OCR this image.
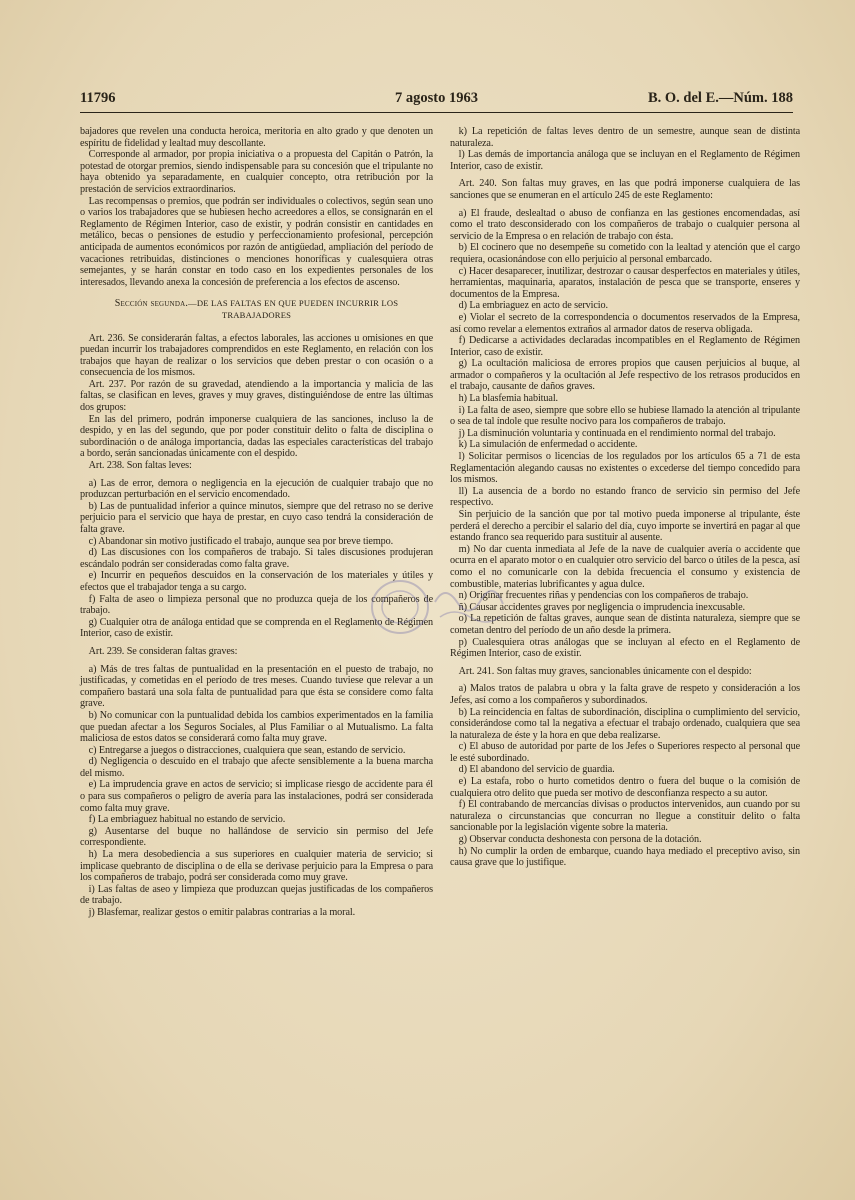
11796	7 agosto 1963	B. O. del E.—Núm. 188

bajadores que revelen una conducta heroica, meritoria en alto grado y que denoten un espíritu de fidelidad y lealtad muy descollante.

Corresponde al armador, por propia iniciativa o a propuesta del Capitán o Patrón, la potestad de otorgar premios, siendo indispensable para su concesión que el tripulante no haya obtenido ya separadamente, en cualquier concepto, otra retribución por la prestación de servicios extraordinarios.

Las recompensas o premios, que podrán ser individuales o colectivos, según sean uno o varios los trabajadores que se hubiesen hecho acreedores a ellos, se consignarán en el Reglamento de Régimen Interior, caso de existir, y podrán consistir en cantidades en metálico, becas o pensiones de estudio y perfeccionamiento profesional, percepción anticipada de aumentos económicos por razón de antigüedad, ampliación del período de vacaciones retribuidas, distinciones o menciones honoríficas y cualesquiera otras semejantes, y se harán constar en todo caso en los expedientes personales de los interesados, llevando anexa la concesión de preferencia a los efectos de ascenso.

Sección segunda.—DE LAS FALTAS EN QUE PUEDEN INCURRIR LOS TRABAJADORES

Art. 236. Se considerarán faltas, a efectos laborales, las acciones u omisiones en que puedan incurrir los trabajadores comprendidos en este Reglamento, en relación con los trabajos que hayan de realizar o los servicios que deben prestar o con ocasión o a consecuencia de los mismos.

Art. 237. Por razón de su gravedad, atendiendo a la importancia y malicia de las faltas, se clasifican en leves, graves y muy graves, distinguiéndose de entre las últimas dos grupos:

En las del primero, podrán imponerse cualquiera de las sanciones, incluso la de despido, y en las del segundo, que por poder constituir delito o falta de disciplina o subordinación o de análoga importancia, dadas las especiales características del trabajo a bordo, serán sancionadas únicamente con el despido.

Art. 238. Son faltas leves:

a) Las de error, demora o negligencia en la ejecución de cualquier trabajo que no produzcan perturbación en el servicio encomendado.

b) Las de puntualidad inferior a quince minutos, siempre que del retraso no se derive perjuicio para el servicio que haya de prestar, en cuyo caso tendrá la consideración de falta grave.

c) Abandonar sin motivo justificado el trabajo, aunque sea por breve tiempo.

d) Las discusiones con los compañeros de trabajo. Si tales discusiones produjeran escándalo podrán ser consideradas como falta grave.

e) Incurrir en pequeños descuidos en la conservación de los materiales y útiles y efectos que el trabajador tenga a su cargo.

f) Falta de aseo o limpieza personal que no produzca queja de los compañeros de trabajo.

g) Cualquier otra de análoga entidad que se comprenda en el Reglamento de Régimen Interior, caso de existir.

Art. 239. Se consideran faltas graves:

a) Más de tres faltas de puntualidad en la presentación en el puesto de trabajo, no justificadas, y cometidas en el período de tres meses. Cuando tuviese que relevar a un compañero bastará una sola falta de puntualidad para que ésta se considere como falta grave.

b) No comunicar con la puntualidad debida los cambios experimentados en la familia que puedan afectar a los Seguros Sociales, al Plus Familiar o al Mutualismo. La falta maliciosa de estos datos se considerará como falta muy grave.

c) Entregarse a juegos o distracciones, cualquiera que sean, estando de servicio.

d) Negligencia o descuido en el trabajo que afecte sensiblemente a la buena marcha del mismo.

e) La imprudencia grave en actos de servicio; si implicase riesgo de accidente para él o para sus compañeros o peligro de avería para las instalaciones, podrá ser considerada como falta muy grave.

f) La embriaguez habitual no estando de servicio.

g) Ausentarse del buque no hallándose de servicio sin permiso del Jefe correspondiente.

h) La mera desobediencia a sus superiores en cualquier materia de servicio; si implicase quebranto de disciplina o de ella se derivase perjuicio para la Empresa o para los compañeros de trabajo, podrá ser considerada como muy grave.

i) Las faltas de aseo y limpieza que produzcan quejas justificadas de los compañeros de trabajo.

j) Blasfemar, realizar gestos o emitir palabras contrarias a la moral.

k) La repetición de faltas leves dentro de un semestre, aunque sean de distinta naturaleza.

l) Las demás de importancia análoga que se incluyan en el Reglamento de Régimen Interior, caso de existir.

Art. 240. Son faltas muy graves, en las que podrá imponerse cualquiera de las sanciones que se enumeran en el artículo 245 de este Reglamento:

a) El fraude, deslealtad o abuso de confianza en las gestiones encomendadas, así como el trato desconsiderado con los compañeros de trabajo o cualquier persona al servicio de la Empresa o en relación de trabajo con ésta.

b) El cocinero que no desempeñe su cometido con la lealtad y atención que el cargo requiera, ocasionándose con ello perjuicio al personal embarcado.

c) Hacer desaparecer, inutilizar, destrozar o causar desperfectos en materiales y útiles, herramientas, maquinaria, aparatos, instalación de pesca que se transporte, enseres y documentos de la Empresa.

d) La embriaguez en acto de servicio.

e) Violar el secreto de la correspondencia o documentos reservados de la Empresa, así como revelar a elementos extraños al armador datos de reserva obligada.

f) Dedicarse a actividades declaradas incompatibles en el Reglamento de Régimen Interior, caso de existir.

g) La ocultación maliciosa de errores propios que causen perjuicios al buque, al armador o compañeros y la ocultación al Jefe respectivo de los retrasos producidos en el trabajo, causante de daños graves.

h) La blasfemia habitual.

i) La falta de aseo, siempre que sobre ello se hubiese llamado la atención al tripulante o sea de tal índole que resulte nocivo para los compañeros de trabajo.

j) La disminución voluntaria y continuada en el rendimiento normal del trabajo.

k) La simulación de enfermedad o accidente.

l) Solicitar permisos o licencias de los regulados por los artículos 65 a 71 de esta Reglamentación alegando causas no existentes o excederse del tiempo concedido para los mismos.

ll) La ausencia de a bordo no estando franco de servicio sin permiso del Jefe respectivo.

Sin perjuicio de la sanción que por tal motivo pueda imponerse al tripulante, éste perderá el derecho a percibir el salario del día, cuyo importe se invertirá en pagar al que estando franco sea requerido para sustituir al ausente.

m) No dar cuenta inmediata al Jefe de la nave de cualquier avería o accidente que ocurra en el aparato motor o en cualquier otro servicio del barco o útiles de la pesca, así como el no comunicarle con la debida frecuencia el consumo y existencia de combustible, materias lubrificantes y agua dulce.

n) Originar frecuentes riñas y pendencias con los compañeros de trabajo.

ñ) Causar accidentes graves por negligencia o imprudencia inexcusable.

o) La repetición de faltas graves, aunque sean de distinta naturaleza, siempre que se cometan dentro del período de un año desde la primera.

p) Cualesquiera otras análogas que se incluyan al efecto en el Reglamento de Régimen Interior, caso de existir.

Art. 241. Son faltas muy graves, sancionables únicamente con el despido:

a) Malos tratos de palabra u obra y la falta grave de respeto y consideración a los Jefes, así como a los compañeros y subordinados.

b) La reincidencia en faltas de subordinación, disciplina o cumplimiento del servicio, considerándose como tal la negativa a efectuar el trabajo ordenado, cualquiera que sea la naturaleza de éste y la hora en que deba realizarse.

c) El abuso de autoridad por parte de los Jefes o Superiores respecto al personal que le esté subordinado.

d) El abandono del servicio de guardia.

e) La estafa, robo o hurto cometidos dentro o fuera del buque o la comisión de cualquiera otro delito que pueda ser motivo de desconfianza respecto a su autor.

f) El contrabando de mercancías divisas o productos intervenidos, aun cuando por su naturaleza o circunstancias que concurran no llegue a constituir delito o falta sancionable por la legislación vigente sobre la materia.

g) Observar conducta deshonesta con persona de la dotación.

h) No cumplir la orden de embarque, cuando haya mediado el preceptivo aviso, sin causa grave que lo justifique.
